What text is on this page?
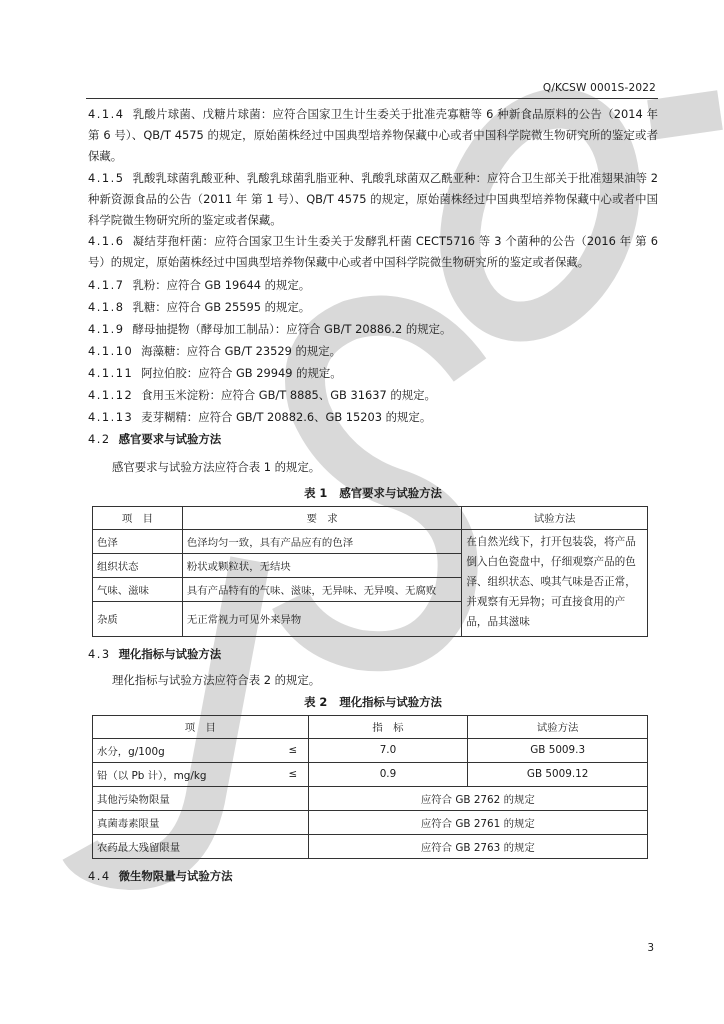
Q/KCSW 0001S-2022

4.1.4 乳酸片球菌、戊糖片球菌：应符合国家卫生计生委关于批准壳寡糖等 6 种新食品原料的公告（2014 年 第 6 号）、QB/T 4575 的规定，原始菌株经过中国典型培养物保藏中心或者中国科学院微生物研究所的鉴定或者保藏。

4.1.5 乳酸乳球菌乳酸亚种、乳酸乳球菌乳脂亚种、乳酸乳球菌双乙酰亚种：应符合卫生部关于批准翅果油等 2 种新资源食品的公告（2011 年 第 1 号）、QB/T 4575 的规定，原始菌株经过中国典型培养物保藏中心或者中国科学院微生物研究所的鉴定或者保藏。

4.1.6 凝结芽孢杆菌：应符合国家卫生计生委关于发酵乳杆菌 CECT5716 等 3 个菌种的公告（2016 年 第 6 号）的规定，原始菌株经过中国典型培养物保藏中心或者中国科学院微生物研究所的鉴定或者保藏。

4.1.7 乳粉：应符合 GB 19644 的规定。

4.1.8 乳糖：应符合 GB 25595 的规定。

4.1.9 酵母抽提物（酵母加工制品）：应符合 GB/T 20886.2 的规定。

4.1.10 海藻糖：应符合 GB/T 23529 的规定。

4.1.11 阿拉伯胶：应符合 GB 29949 的规定。

4.1.12 食用玉米淀粉：应符合 GB/T 8885、GB 31637 的规定。

4.1.13 麦芽糊精：应符合 GB/T 20882.6、GB 15203 的规定。

4.2 感官要求与试验方法

感官要求与试验方法应符合表 1 的规定。

表 1 感官要求与试验方法

项　目	要　求	试验方法
色泽	色泽均匀一致，具有产品应有的色泽	在自然光线下，打开包装袋，将产品倒入白色瓷盘中，仔细观察产品的色泽、组织状态、嗅其气味是否正常，并观察有无异物；可直接食用的产品，品其滋味
组织状态	粉状或颗粒状，无结块	
气味、滋味	具有产品特有的气味、滋味，无异味、无异嗅、无腐败	
杂质	无正常视力可见外来异物	

4.3 理化指标与试验方法

理化指标与试验方法应符合表 2 的规定。

表 2 理化指标与试验方法

项　目		指　标	试验方法
水分，g/100g	≤	7.0	GB 5009.3
铅（以 Pb 计），mg/kg	≤	0.9	GB 5009.12
其他污染物限量		应符合 GB 2762 的规定	
真菌毒素限量		应符合 GB 2761 的规定	
农药最大残留限量		应符合 GB 2763 的规定	

4.4 微生物限量与试验方法

3
